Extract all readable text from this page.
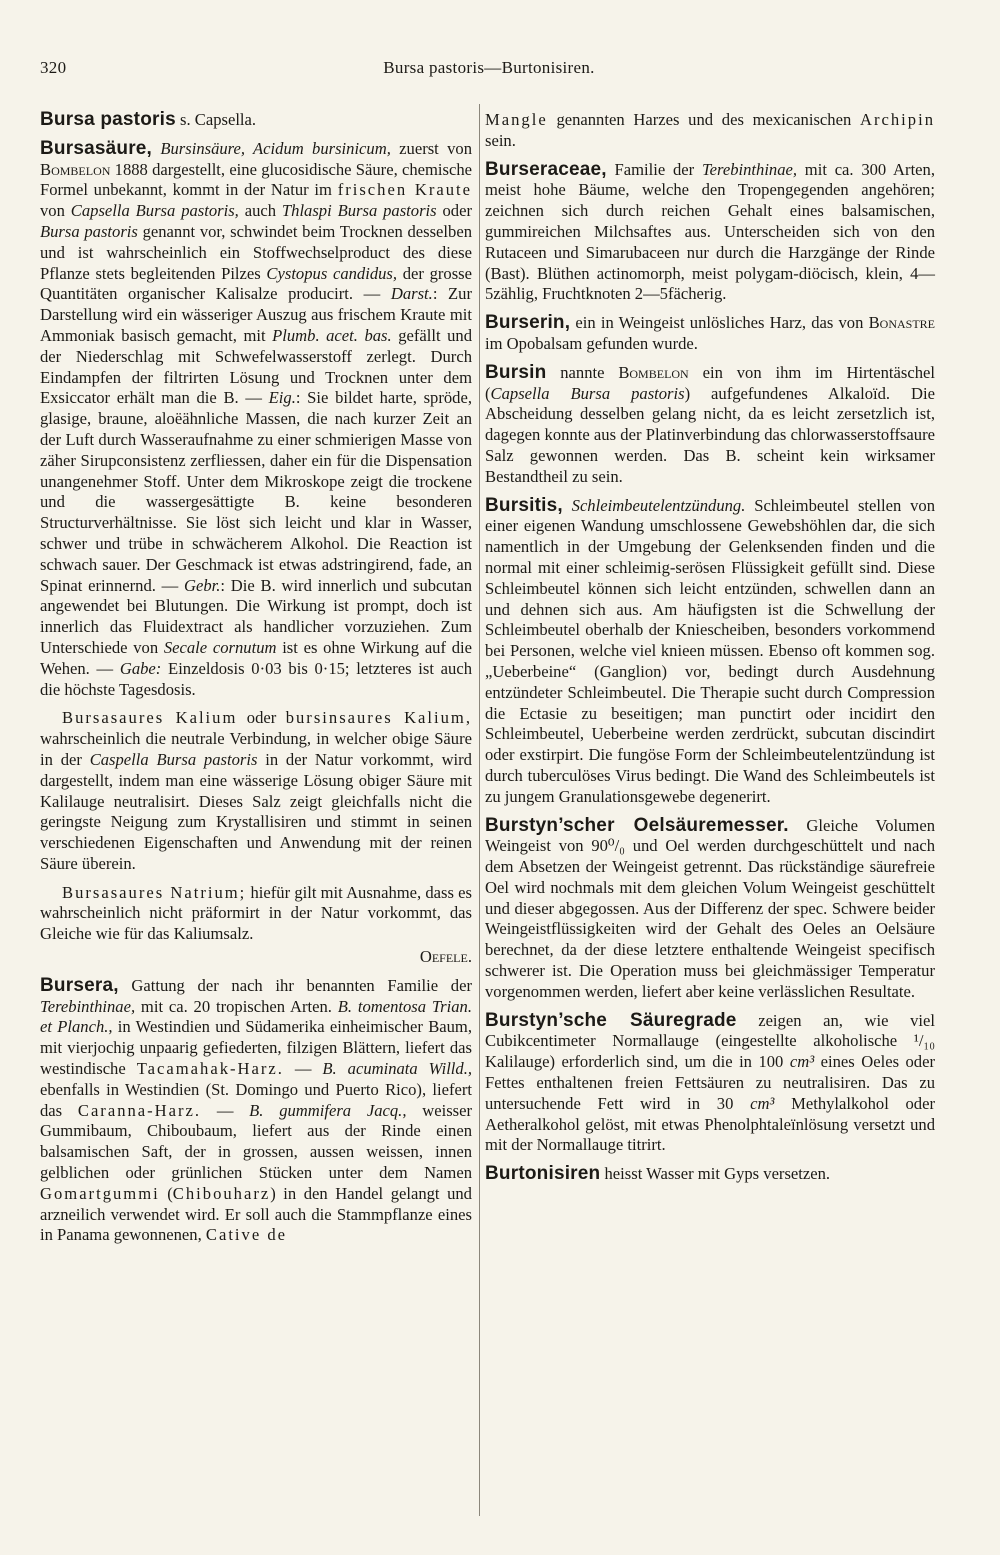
320	Bursa pastoris—Burtonisiren.

Bursa pastoris s. Capsella.

Bursasäure, Bursinsäure, Acidum bursinicum, zuerst von Bombelon 1888 dargestellt, eine glucosidische Säure, chemische Formel unbekannt, kommt in der Natur im frischen Kraute von Capsella Bursa pastoris, auch Thlaspi Bursa pastoris oder Bursa pastoris genannt vor, schwindet beim Trocknen desselben und ist wahrscheinlich ein Stoffwechselproduct des diese Pflanze stets begleitenden Pilzes Cystopus candidus, der grosse Quantitäten organischer Kalisalze producirt. — Darst.: Zur Darstellung wird ein wässeriger Auszug aus frischem Kraute mit Ammoniak basisch gemacht, mit Plumb. acet. bas. gefällt und der Niederschlag mit Schwefelwasserstoff zerlegt. Durch Eindampfen der filtrirten Lösung und Trocknen unter dem Exsiccator erhält man die B. — Eig.: Sie bildet harte, spröde, glasige, braune, aloëähnliche Massen, die nach kurzer Zeit an der Luft durch Wasseraufnahme zu einer schmierigen Masse von zäher Sirupconsistenz zerfliessen, daher ein für die Dispensation unangenehmer Stoff. Unter dem Mikroskope zeigt die trockene und die wassergesättigte B. keine besonderen Structurverhältnisse. Sie löst sich leicht und klar in Wasser, schwer und trübe in schwächerem Alkohol. Die Reaction ist schwach sauer. Der Geschmack ist etwas adstringirend, fade, an Spinat erinnernd. — Gebr.: Die B. wird innerlich und subcutan angewendet bei Blutungen. Die Wirkung ist prompt, doch ist innerlich das Fluidextract als handlicher vorzuziehen. Zum Unterschiede von Secale cornutum ist es ohne Wirkung auf die Wehen. — Gabe: Einzeldosis 0·03 bis 0·15; letzteres ist auch die höchste Tagesdosis.

Bursasaures Kalium oder bursinsaures Kalium, wahrscheinlich die neutrale Verbindung, in welcher obige Säure in der Caspella Bursa pastoris in der Natur vorkommt, wird dargestellt, indem man eine wässerige Lösung obiger Säure mit Kalilauge neutralisirt. Dieses Salz zeigt gleichfalls nicht die geringste Neigung zum Krystallisiren und stimmt in seinen verschiedenen Eigenschaften und Anwendung mit der reinen Säure überein.

Bursasaures Natrium; hiefür gilt mit Ausnahme, dass es wahrscheinlich nicht präformirt in der Natur vorkommt, das Gleiche wie für das Kaliumsalz.

Oefele.

Bursera, Gattung der nach ihr benannten Familie der Terebinthinae, mit ca. 20 tropischen Arten. B. tomentosa Trian. et Planch., in Westindien und Südamerika einheimischer Baum, mit vierjochig unpaarig gefiederten, filzigen Blättern, liefert das westindische Tacamahak-Harz. — B. acuminata Willd., ebenfalls in Westindien (St. Domingo und Puerto Rico), liefert das Caranna-Harz. — B. gummifera Jacq., weisser Gummibaum, Chiboubaum, liefert aus der Rinde einen balsamischen Saft, der in grossen, aussen weissen, innen gelblichen oder grünlichen Stücken unter dem Namen Gomartgummi (Chibouharz) in den Handel gelangt und arzneilich verwendet wird. Er soll auch die Stammpflanze eines in Panama gewonnenen, Cative de

Mangle genannten Harzes und des mexicanischen Archipin sein.

Burseraceae, Familie der Terebinthinae, mit ca. 300 Arten, meist hohe Bäume, welche den Tropengegenden angehören; zeichnen sich durch reichen Gehalt eines balsamischen, gummireichen Milchsaftes aus. Unterscheiden sich von den Rutaceen und Simarubaceen nur durch die Harzgänge der Rinde (Bast). Blüthen actinomorph, meist polygam-diöcisch, klein, 4—5zählig, Fruchtknoten 2—5fächerig.

Burserin, ein in Weingeist unlösliches Harz, das von Bonastre im Opobalsam gefunden wurde.

Bursin nannte Bombelon ein von ihm im Hirtentäschel (Capsella Bursa pastoris) aufgefundenes Alkaloïd. Die Abscheidung desselben gelang nicht, da es leicht zersetzlich ist, dagegen konnte aus der Platinverbindung das chlorwasserstoffsaure Salz gewonnen werden. Das B. scheint kein wirksamer Bestandtheil zu sein.

Bursitis, Schleimbeutelentzündung. Schleimbeutel stellen von einer eigenen Wandung umschlossene Gewebshöhlen dar, die sich namentlich in der Umgebung der Gelenksenden finden und die normal mit einer schleimig-serösen Flüssigkeit gefüllt sind. Diese Schleimbeutel können sich leicht entzünden, schwellen dann an und dehnen sich aus. Am häufigsten ist die Schwellung der Schleimbeutel oberhalb der Kniescheiben, besonders vorkommend bei Personen, welche viel knieen müssen. Ebenso oft kommen sog. „Ueberbeine“ (Ganglion) vor, bedingt durch Ausdehnung entzündeter Schleimbeutel. Die Therapie sucht durch Compression die Ectasie zu beseitigen; man punctirt oder incidirt den Schleimbeutel, Ueberbeine werden zerdrückt, subcutan discindirt oder exstirpirt. Die fungöse Form der Schleimbeutelentzündung ist durch tuberculöses Virus bedingt. Die Wand des Schleimbeutels ist zu jungem Granulationsgewebe degenerirt.

Burstyn’scher Oelsäuremesser. Gleiche Volumen Weingeist von 90⁰/₀ und Oel werden durchgeschüttelt und nach dem Absetzen der Weingeist getrennt. Das rückständige säurefreie Oel wird nochmals mit dem gleichen Volum Weingeist geschüttelt und dieser abgegossen. Aus der Differenz der spec. Schwere beider Weingeistflüssigkeiten wird der Gehalt des Oeles an Oelsäure berechnet, da der diese letztere enthaltende Weingeist specifisch schwerer ist. Die Operation muss bei gleichmässiger Temperatur vorgenommen werden, liefert aber keine verlässlichen Resultate.

Burstyn’sche Säuregrade zeigen an, wie viel Cubikcentimeter Normallauge (eingestellte alkoholische ¹/₁₀ Kalilauge) erforderlich sind, um die in 100 cm³ eines Oeles oder Fettes enthaltenen freien Fettsäuren zu neutralisiren. Das zu untersuchende Fett wird in 30 cm³ Methylalkohol oder Aetheralkohol gelöst, mit etwas Phenolphtaleïnlösung versetzt und mit der Normallauge titrirt.

Burtonisiren heisst Wasser mit Gyps versetzen.
